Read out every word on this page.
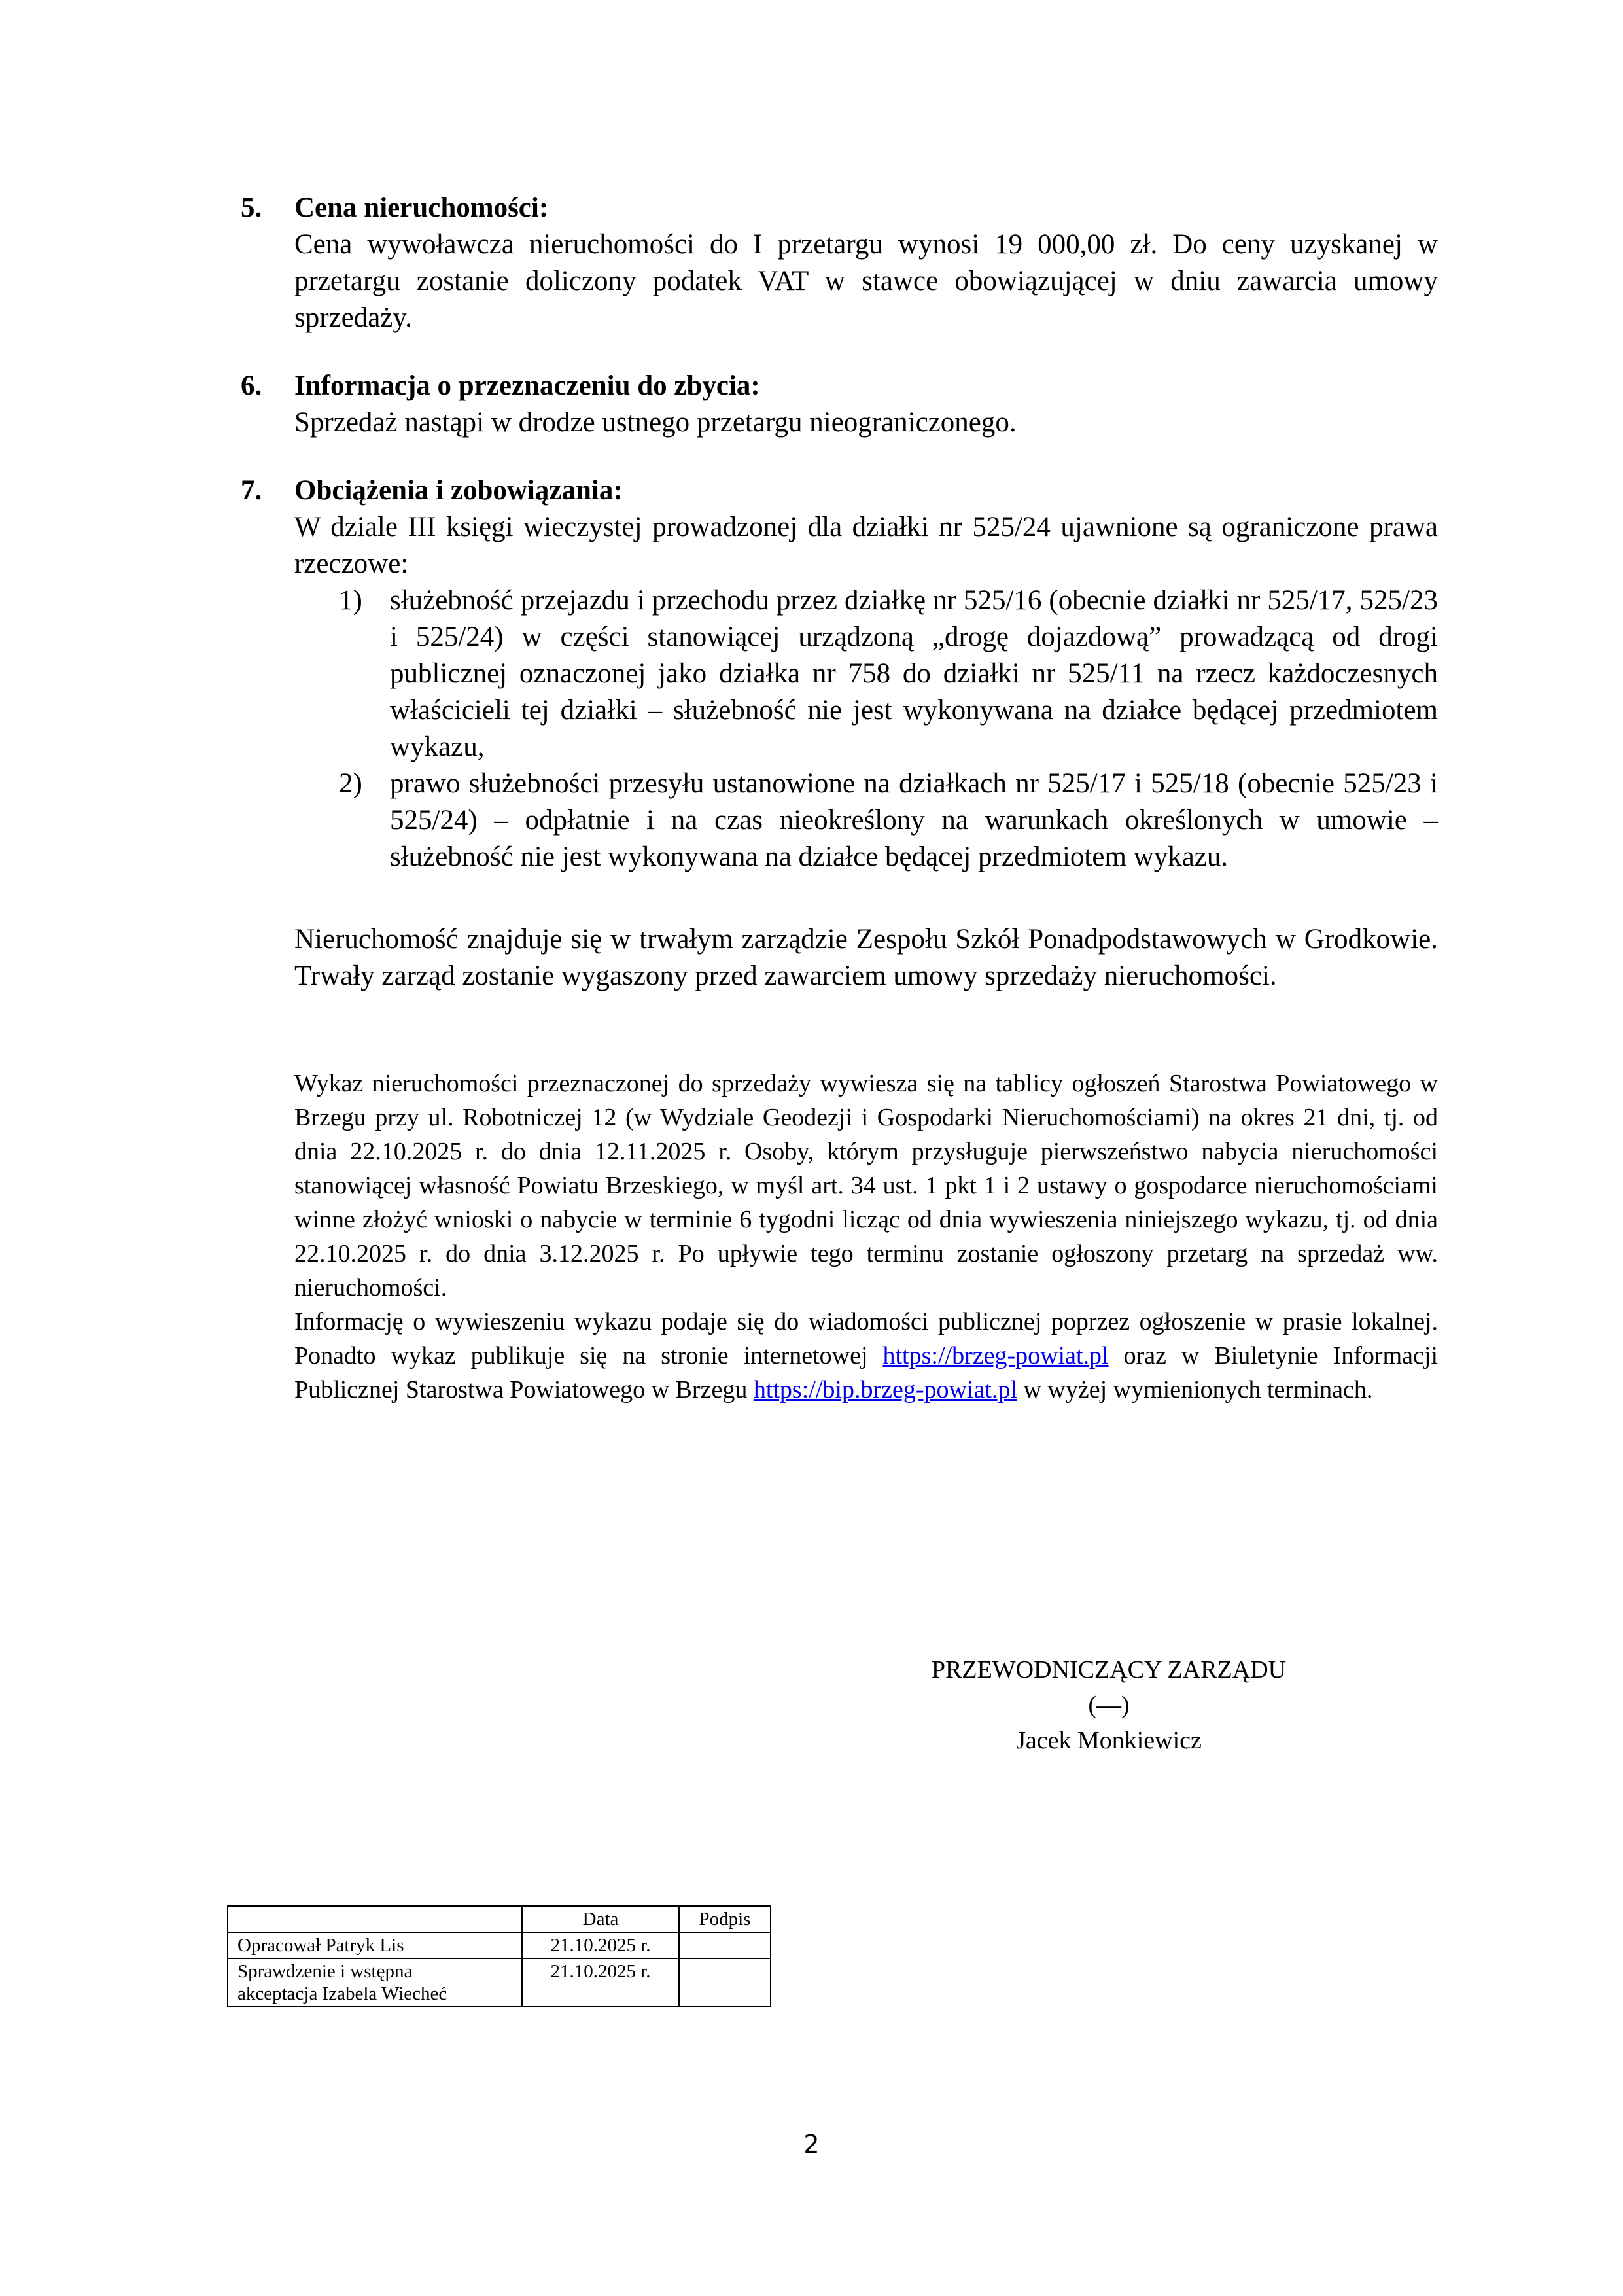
5. Cena nieruchomości:

Cena wywoławcza nieruchomości do I przetargu wynosi 19 000,00 zł. Do ceny uzyskanej w przetargu zostanie doliczony podatek VAT w stawce obowiązującej w dniu zawarcia umowy sprzedaży.

6. Informacja o przeznaczeniu do zbycia:

Sprzedaż nastąpi w drodze ustnego przetargu nieograniczonego.

7. Obciążenia i zobowiązania:

W dziale III księgi wieczystej prowadzonej dla działki nr 525/24 ujawnione są ograniczone prawa rzeczowe:

1) służebność przejazdu i przechodu przez działkę nr 525/16 (obecnie działki nr 525/17, 525/23 i 525/24) w części stanowiącej urządzoną „drogę dojazdową” prowadzącą od drogi publicznej oznaczonej jako działka nr 758 do działki nr 525/11 na rzecz każdoczesnych właścicieli tej działki – służebność nie jest wykonywana na działce będącej przedmiotem wykazu,
2) prawo służebności przesyłu ustanowione na działkach nr 525/17 i 525/18 (obecnie 525/23 i 525/24) – odpłatnie i na czas nieokreślony na warunkach określonych w umowie – służebność nie jest wykonywana na działce będącej przedmiotem wykazu.

Nieruchomość znajduje się w trwałym zarządzie Zespołu Szkół Ponadpodstawowych w Grodkowie. Trwały zarząd zostanie wygaszony przed zawarciem umowy sprzedaży nieruchomości.

Wykaz nieruchomości przeznaczonej do sprzedaży wywiesza się na tablicy ogłoszeń Starostwa Powiatowego w Brzegu przy ul. Robotniczej 12 (w Wydziale Geodezji i Gospodarki Nieruchomościami) na okres 21 dni, tj. od dnia 22.10.2025 r. do dnia 12.11.2025 r. Osoby, którym przysługuje pierwszeństwo nabycia nieruchomości stanowiącej własność Powiatu Brzeskiego, w myśl art. 34 ust. 1 pkt 1 i 2 ustawy o gospodarce nieruchomościami winne złożyć wnioski o nabycie w terminie 6 tygodni licząc od dnia wywieszenia niniejszego wykazu, tj. od dnia 22.10.2025 r. do dnia 3.12.2025 r. Po upływie tego terminu zostanie ogłoszony przetarg na sprzedaż ww. nieruchomości.

Informację o wywieszeniu wykazu podaje się do wiadomości publicznej poprzez ogłoszenie w prasie lokalnej. Ponadto wykaz publikuje się na stronie internetowej https://brzeg-powiat.pl oraz w Biuletynie Informacji Publicznej Starostwa Powiatowego w Brzegu https://bip.brzeg-powiat.pl w wyżej wymienionych terminach.

PRZEWODNICZĄCY ZARZĄDU
(—)
Jacek Monkiewicz
	Data	Podpis
Opracował Patryk Lis	21.10.2025 r.	

Sprawdzenie i wstępna
akceptacja Izabela Wiecheć	21.10.2025 r.	
2
